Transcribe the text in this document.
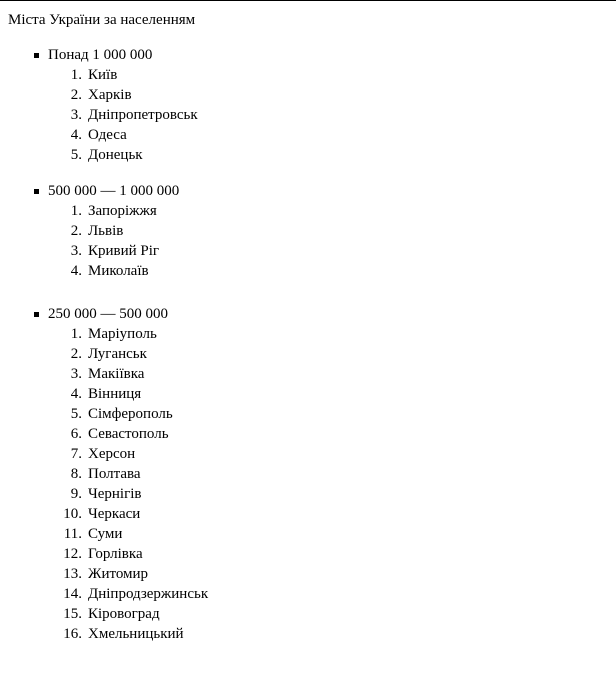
Міста України за населенням
Понад 1 000 000
1. Київ
2. Харків
3. Дніпропетровськ
4. Одеса
5. Донецьк
500 000 — 1 000 000
1. Запоріжжя
2. Львів
3. Кривий Ріг
4. Миколаїв
250 000 — 500 000
1. Маріуполь
2. Луганськ
3. Макіївка
4. Вінниця
5. Сімферополь
6. Севастополь
7. Херсон
8. Полтава
9. Чернігів
10. Черкаси
11. Суми
12. Горлівка
13. Житомир
14. Дніпродзержинськ
15. Кіровоград
16. Хмельницький
